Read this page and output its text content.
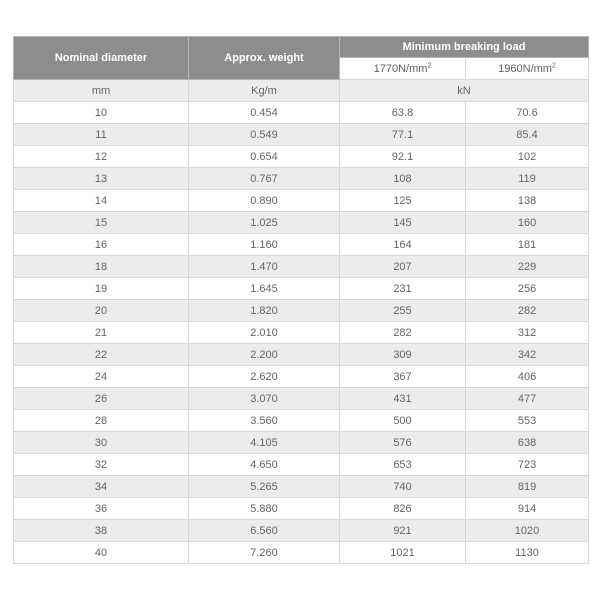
Nominal diameter	Approx. weight	Minimum breaking load	
		$1770N/mm^2$	$1960N/mm^2$
mm	Kg/m	kN	
10	0.454	63.8	70.6
11	0.549	77.1	85.4
12	0.654	92.1	102
13	0.767	108	119
14	0.890	125	138
15	1.025	145	160
16	1.160	164	181
18	1.470	207	229
19	1.645	231	256
20	1.820	255	282
21	2.010	282	312
22	2.200	309	342
24	2.620	367	406
26	3.070	431	477
28	3.560	500	553
30	4.105	576	638
32	4.650	653	723
34	5.265	740	819
36	5.880	826	914
38	6.560	921	1020
40	7.260	1021	1130
